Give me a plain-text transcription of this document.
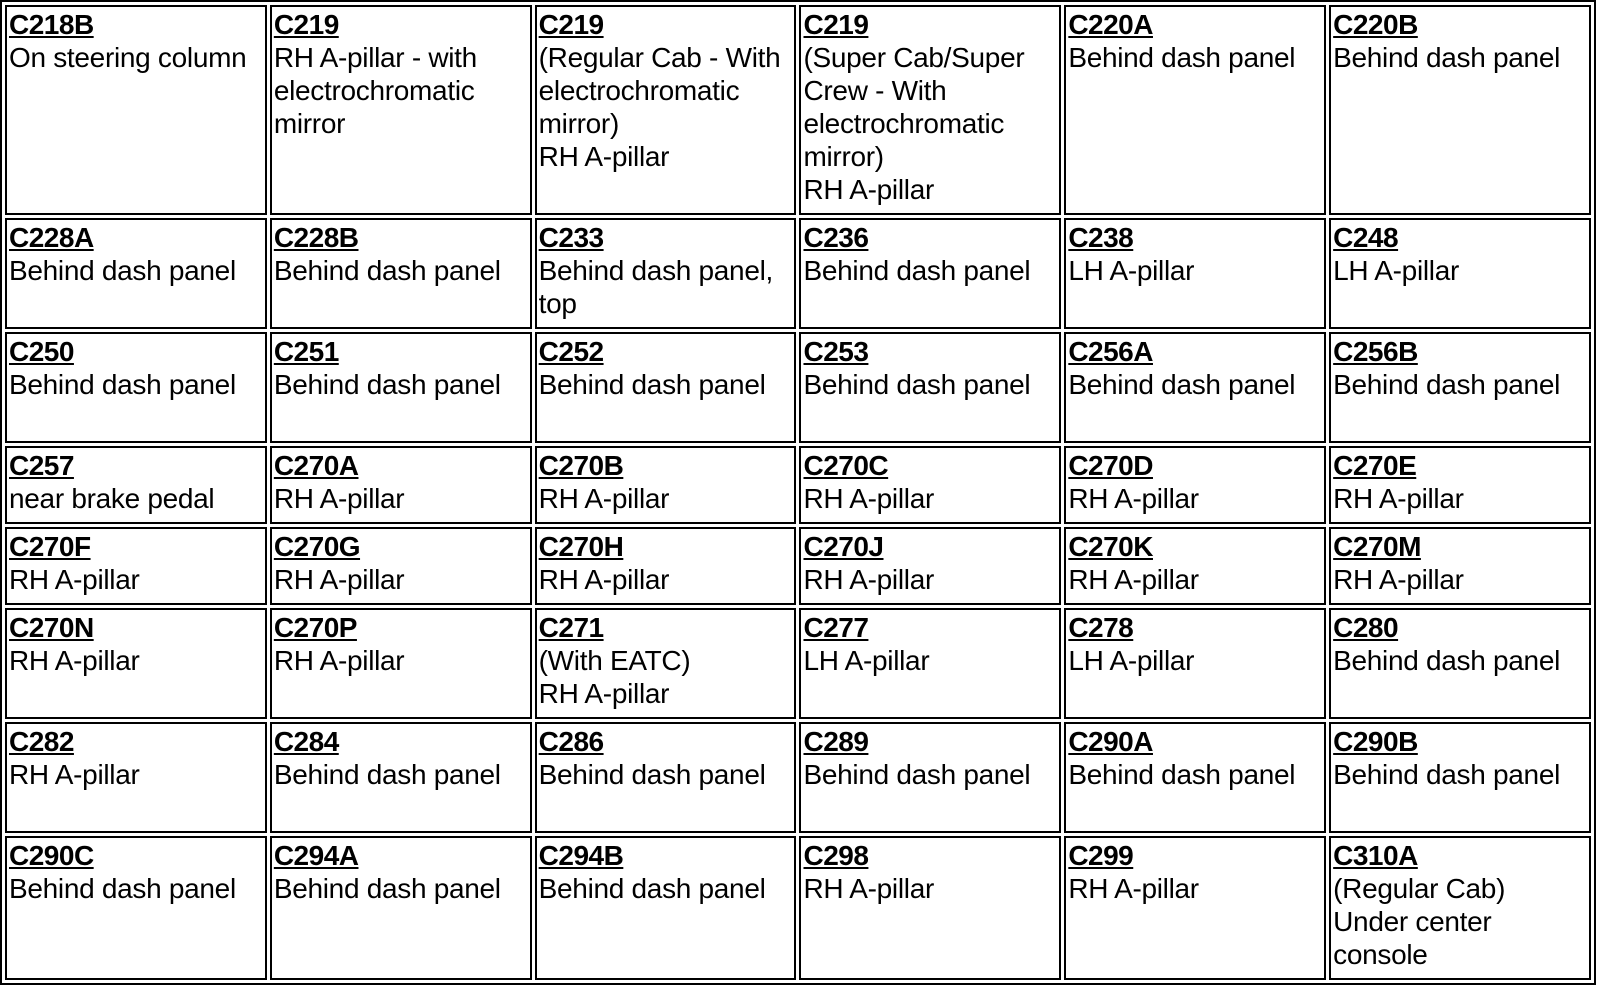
C218B
On steering column	C219
RH A-pillar - with electrochromatic mirror	C219
(Regular Cab - With electrochromatic mirror)
RH A-pillar	C219
(Super Cab/Super Crew - With electrochromatic mirror)
RH A-pillar	C220A
Behind dash panel	C220B
Behind dash panel

C228A
Behind dash panel	C228B
Behind dash panel	C233
Behind dash panel, top	C236
Behind dash panel	C238
LH A-pillar	C248
LH A-pillar

C250
Behind dash panel	C251
Behind dash panel	C252
Behind dash panel	C253
Behind dash panel	C256A
Behind dash panel	C256B
Behind dash panel

C257
near brake pedal	C270A
RH A-pillar	C270B
RH A-pillar	C270C
RH A-pillar	C270D
RH A-pillar	C270E
RH A-pillar

C270F
RH A-pillar	C270G
RH A-pillar	C270H
RH A-pillar	C270J
RH A-pillar	C270K
RH A-pillar	C270M
RH A-pillar

C270N
RH A-pillar	C270P
RH A-pillar	C271
(With EATC)
RH A-pillar	C277
LH A-pillar	C278
LH A-pillar	C280
Behind dash panel

C282
RH A-pillar	C284
Behind dash panel	C286
Behind dash panel	C289
Behind dash panel	C290A
Behind dash panel	C290B
Behind dash panel

C290C
Behind dash panel	C294A
Behind dash panel	C294B
Behind dash panel	C298
RH A-pillar	C299
RH A-pillar	C310A
(Regular Cab)
Under center console
